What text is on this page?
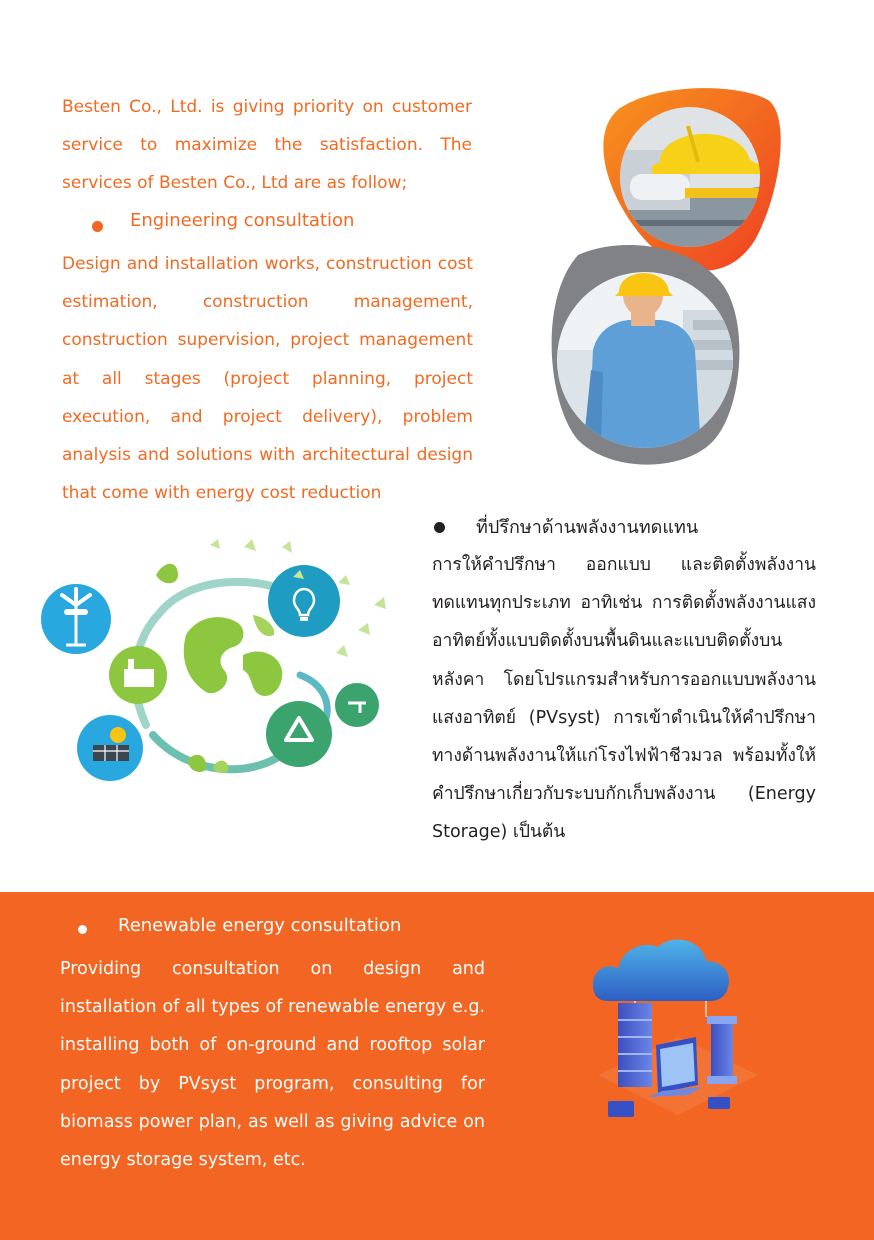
Besten Co., Ltd. is giving priority on customer service to maximize the satisfaction. The services of Besten Co., Ltd are as follow;
Engineering consultation
Design and installation works, construction cost estimation, construction management, construction supervision, project management at all stages (project planning, project execution, and project delivery), problem analysis and solutions with architectural design that come with energy cost reduction
ที่ปรึกษาด้านพลังงานทดแทน
การให้คำปรึกษา ออกแบบ และติดตั้งพลังงานทดแทนทุกประเภท อาทิเช่น การติดตั้งพลังงานแสงอาทิตย์ทั้งแบบติดตั้งบนพื้นดินและแบบติดตั้งบนหลังคา โดยโปรแกรมสำหรับการออกแบบพลังงานแสงอาทิตย์ (PVsyst) การเข้าดำเนินให้คำปรึกษาทางด้านพลังงานให้แก่โรงไฟฟ้าชีวมวล พร้อมทั้งให้คำปรึกษาเกี่ยวกับระบบกักเก็บพลังงาน (Energy Storage) เป็นต้น
Renewable energy consultation
Providing consultation on design and installation of all types of renewable energy e.g. installing both of on-ground and rooftop solar project by PVsyst program, consulting for biomass power plan, as well as giving advice on energy storage system, etc.
